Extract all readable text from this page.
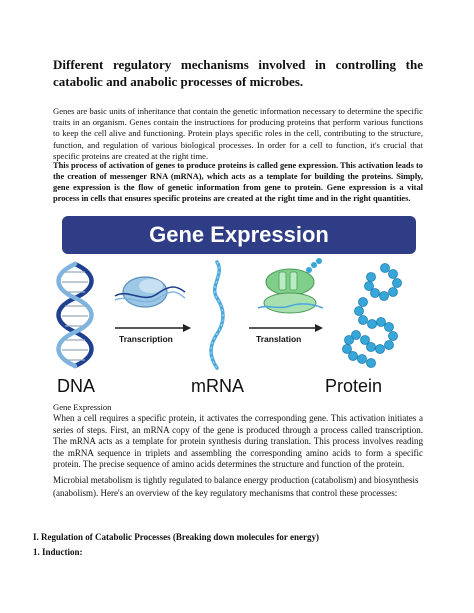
Different regulatory mechanisms involved in controlling the catabolic and anabolic processes of microbes.

Genes are basic units of inheritance that contain the genetic information necessary to determine the specific traits in an organism. Genes contain the instructions for producing proteins that perform various functions to keep the cell alive and functioning. Protein plays specific roles in the cell, contributing to the structure, function, and regulation of various biological processes. In order for a cell to function, it's crucial that specific proteins are created at the right time.

This process of activation of genes to produce proteins is called gene expression. This activation leads to the creation of messenger RNA (mRNA), which acts as a template for building the proteins. Simply, gene expression is the flow of genetic information from gene to protein. Gene expression is a vital process in cells that ensures specific proteins are created at the right time and in the right quantities.

Gene Expression
Transcription	Translation
DNA	mRNA	Protein

Gene Expression

When a cell requires a specific protein, it activates the corresponding gene. This activation initiates a series of steps. First, an mRNA copy of the gene is produced through a process called transcription. The mRNA acts as a template for protein synthesis during translation. This process involves reading the mRNA sequence in triplets and assembling the corresponding amino acids to form a specific protein. The precise sequence of amino acids determines the structure and function of the protein.

Microbial metabolism is tightly regulated to balance energy production (catabolism) and biosynthesis (anabolism). Here's an overview of the key regulatory mechanisms that control these processes:

I. Regulation of Catabolic Processes (Breaking down molecules for energy)

1. Induction:
